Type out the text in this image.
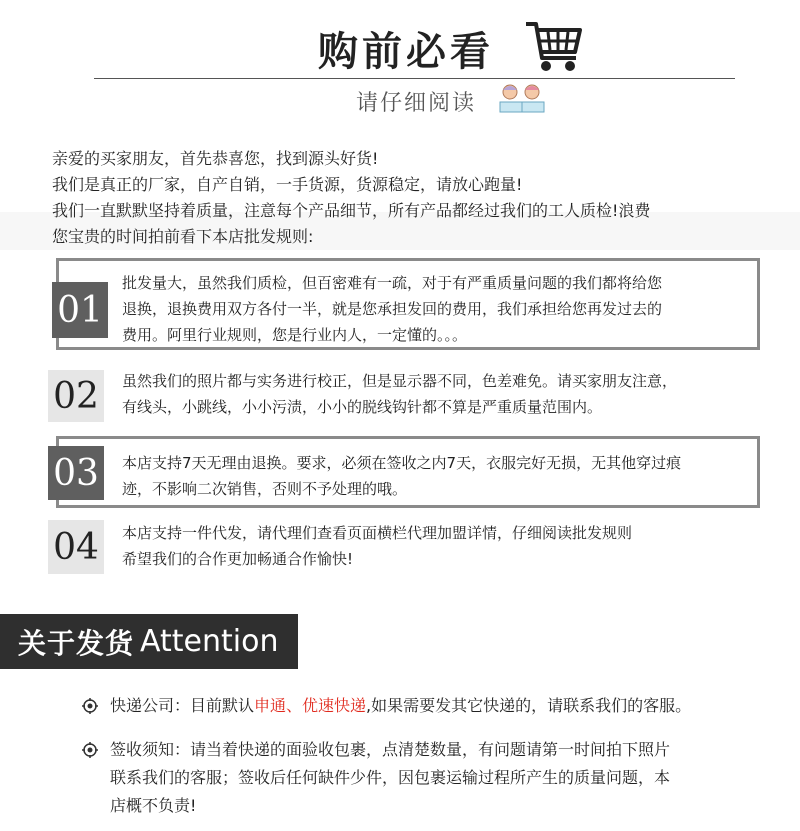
购前必看
请仔细阅读

亲爱的买家朋友，首先恭喜您，找到源头好货!

我们是真正的厂家，自产自销，一手货源，货源稳定，请放心跑量!

我们一直默默坚持着质量，注意每个产品细节，所有产品都经过我们的工人质检!浪费

您宝贵的时间拍前看下本店批发规则:

01
批发量大，虽然我们质检，但百密难有一疏，对于有严重质量问题的我们都将给您
退换，退换费用双方各付一半，就是您承担发回的费用，我们承担给您再发过去的
费用。阿里行业规则，您是行业内人，一定懂的。。。
02	虽然我们的照片都与实务进行校正，但是显示器不同，色差难免。请买家朋友注意，
有线头，小跳线，小小污渍，小小的脱线钩针都不算是严重质量范围内。
03	本店支持7天无理由退换。要求，必须在签收之内7天，衣服完好无损，无其他穿过痕
迹，不影响二次销售，否则不予处理的哦。
04	本店支持一件代发，请代理们查看页面横栏代理加盟详情，仔细阅读批发规则
希望我们的合作更加畅通合作愉快!
关于发货 Attention
快递公司：目前默认申通、优速快递,如果需要发其它快递的，请联系我们的客服。
签收须知：请当着快递的面验收包裹，点清楚数量，有问题请第一时间拍下照片
联系我们的客服；签收后任何缺件少件，因包裹运输过程所产生的质量问题，本
店概不负责!
